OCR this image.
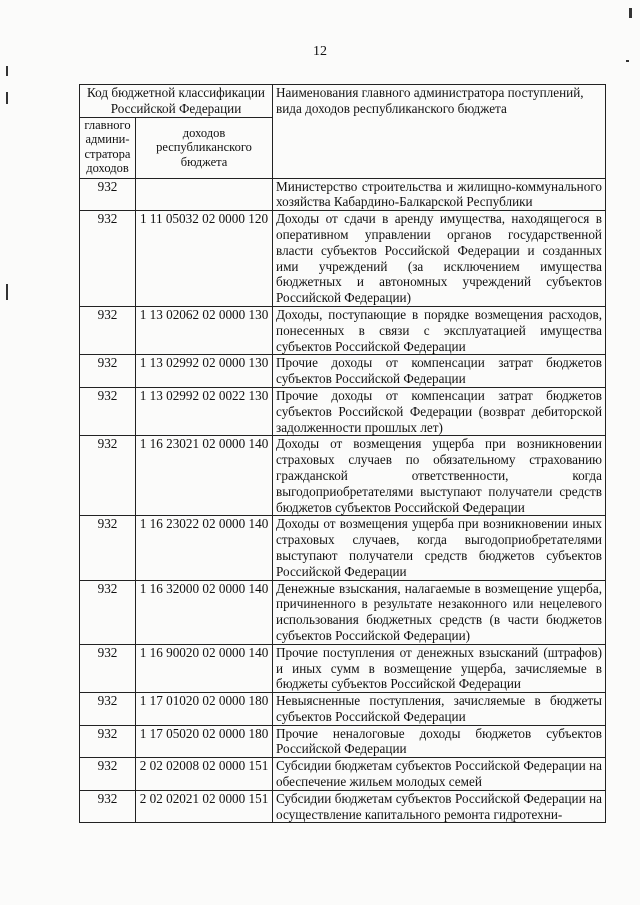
12
Код бюджетной классификации Российской Федерации		Наименования главного администратора поступлений, вида доходов республиканского бюджета
главного админи-стратора доходов	доходов республиканского бюджета	
932		Министерство строительства и жилищно-коммунального хозяйства Кабардино-Балкарской Республики
932	1 11 05032 02 0000 120	Доходы от сдачи в аренду имущества, находящегося в оперативном управлении органов государственной власти субъектов Российской Федерации и созданных ими учреждений (за исключением имущества бюджетных и автономных учреждений субъектов Российской Федерации)
932	1 13 02062 02 0000 130	Доходы, поступающие в порядке возмещения расходов, понесенных в связи с эксплуатацией имущества субъектов Российской Федерации
932	1 13 02992 02 0000 130	Прочие доходы от компенсации затрат бюджетов субъектов Российской Федерации
932	1 13 02992 02 0022 130	Прочие доходы от компенсации затрат бюджетов субъектов Российской Федерации (возврат дебиторской задолженности прошлых лет)
932	1 16 23021 02 0000 140	Доходы от возмещения ущерба при возникновении страховых случаев по обязательному страхованию гражданской ответственности, когда выгодоприобретателями выступают получатели средств бюджетов субъектов Российской Федерации
932	1 16 23022 02 0000 140	Доходы от возмещения ущерба при возникновении иных страховых случаев, когда выгодоприобретателями выступают получатели средств бюджетов субъектов Российской Федерации
932	1 16 32000 02 0000 140	Денежные взыскания, налагаемые в возмещение ущерба, причиненного в результате незаконного или нецелевого использования бюджетных средств (в части бюджетов субъектов Российской Федерации)
932	1 16 90020 02 0000 140	Прочие поступления от денежных взысканий (штрафов) и иных сумм в возмещение ущерба, зачисляемые в бюджеты субъектов Российской Федерации
932	1 17 01020 02 0000 180	Невыясненные поступления, зачисляемые в бюджеты субъектов Российской Федерации
932	1 17 05020 02 0000 180	Прочие неналоговые доходы бюджетов субъектов Российской Федерации
932	2 02 02008 02 0000 151	Субсидии бюджетам субъектов Российской Федерации на обеспечение жильем молодых семей
932	2 02 02021 02 0000 151	Субсидии бюджетам субъектов Российской Федерации на осуществление капитального ремонта гидротехни-
